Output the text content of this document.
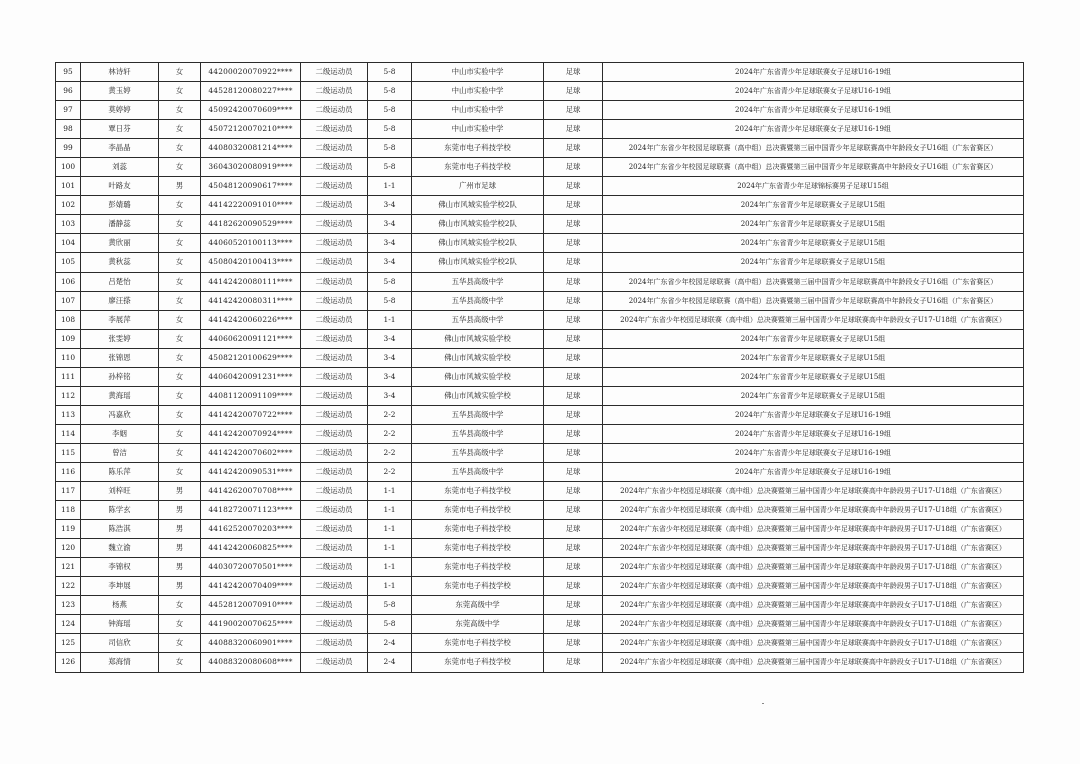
95	林诗轩	女	44200020070922****	二级运动员	5-8	中山市实验中学	足球	2024年广东省青少年足球联赛女子足球U16-19组
96	黄玉婷	女	44528120080227****	二级运动员	5-8	中山市实验中学	足球	2024年广东省青少年足球联赛女子足球U16-19组
97	莫婷婷	女	45092420070609****	二级运动员	5-8	中山市实验中学	足球	2024年广东省青少年足球联赛女子足球U16-19组
98	覃日芬	女	45072120070210****	二级运动员	5-8	中山市实验中学	足球	2024年广东省青少年足球联赛女子足球U16-19组
99	李晶晶	女	44080320081214****	二级运动员	5-8	东莞市电子科技学校	足球	2024年广东省少年校园足球联赛（高中组）总决赛暨第三届中国青少年足球联赛高中年龄段女子U16组（广东省赛区）
100	刘蕊	女	36043020080919****	二级运动员	5-8	东莞市电子科技学校	足球	2024年广东省少年校园足球联赛（高中组）总决赛暨第三届中国青少年足球联赛高中年龄段女子U16组（广东省赛区）
101	叶路友	男	45048120090617****	二级运动员	1-1	广州市足球	足球	2024年广东省青少年足球锦标赛男子足球U15组
102	彭婧璐	女	44142220091010****	二级运动员	3-4	佛山市风城实验学校2队	足球	2024年广东省青少年足球联赛女子足球U15组
103	潘静蕊	女	44182620090529****	二级运动员	3-4	佛山市风城实验学校2队	足球	2024年广东省青少年足球联赛女子足球U15组
104	黄欣丽	女	44060520100113****	二级运动员	3-4	佛山市风城实验学校2队	足球	2024年广东省青少年足球联赛女子足球U15组
105	黄秋蕊	女	45080420100413****	二级运动员	3-4	佛山市风城实验学校2队	足球	2024年广东省青少年足球联赛女子足球U15组
106	吕楚怡	女	44142420080111****	二级运动员	5-8	五华县高级中学	足球	2024年广东省少年校园足球联赛（高中组）总决赛暨第三届中国青少年足球联赛高中年龄段女子U16组（广东省赛区）
107	廖汪搽	女	44142420080311****	二级运动员	5-8	五华县高级中学	足球	2024年广东省少年校园足球联赛（高中组）总决赛暨第三届中国青少年足球联赛高中年龄段女子U16组（广东省赛区）
108	李展萍	女	44142420060226****	二级运动员	1-1	五华县高级中学	足球	2024年广东省少年校园足球联赛（高中组）总决赛暨第三届中国青少年足球联赛高中年龄段女子U17-U18组（广东省赛区）
109	张雯婷	女	44060620091121****	二级运动员	3-4	佛山市风城实验学校	足球	2024年广东省青少年足球联赛女子足球U15组
110	张锦恩	女	45082120100629****	二级运动员	3-4	佛山市风城实验学校	足球	2024年广东省青少年足球联赛女子足球U15组
111	孙梓铭	女	44060420091231****	二级运动员	3-4	佛山市风城实验学校	足球	2024年广东省青少年足球联赛女子足球U15组
112	黄海瑶	女	44081120091109****	二级运动员	3-4	佛山市风城实验学校	足球	2024年广东省青少年足球联赛女子足球U15组
113	冯嘉欣	女	44142420070722****	二级运动员	2-2	五华县高级中学	足球	2024年广东省青少年足球联赛女子足球U16-19组
114	李姻	女	44142420070924****	二级运动员	2-2	五华县高级中学	足球	2024年广东省青少年足球联赛女子足球U16-19组
115	曾洁	女	44142420070602****	二级运动员	2-2	五华县高级中学	足球	2024年广东省青少年足球联赛女子足球U16-19组
116	陈乐萍	女	44142420090531****	二级运动员	2-2	五华县高级中学	足球	2024年广东省青少年足球联赛女子足球U16-19组
117	刘梓旺	男	44142620070708****	二级运动员	1-1	东莞市电子科技学校	足球	2024年广东省少年校园足球联赛（高中组）总决赛暨第三届中国青少年足球联赛高中年龄段男子U17-U18组（广东省赛区）
118	陈学玄	男	44182720071123****	二级运动员	1-1	东莞市电子科技学校	足球	2024年广东省少年校园足球联赛（高中组）总决赛暨第三届中国青少年足球联赛高中年龄段男子U17-U18组（广东省赛区）
119	陈浩淇	男	44162520070203****	二级运动员	1-1	东莞市电子科技学校	足球	2024年广东省少年校园足球联赛（高中组）总决赛暨第三届中国青少年足球联赛高中年龄段男子U17-U18组（广东省赛区）
120	魏立渝	男	44142420060825****	二级运动员	1-1	东莞市电子科技学校	足球	2024年广东省少年校园足球联赛（高中组）总决赛暨第三届中国青少年足球联赛高中年龄段男子U17-U18组（广东省赛区）
121	李锦权	男	44030720070501****	二级运动员	1-1	东莞市电子科技学校	足球	2024年广东省少年校园足球联赛（高中组）总决赛暨第三届中国青少年足球联赛高中年龄段男子U17-U18组（广东省赛区）
122	李坤展	男	44142420070409****	二级运动员	1-1	东莞市电子科技学校	足球	2024年广东省少年校园足球联赛（高中组）总决赛暨第三届中国青少年足球联赛高中年龄段男子U17-U18组（广东省赛区）
123	杨燕	女	44528120070910****	二级运动员	5-8	东莞高级中学	足球	2024年广东省少年校园足球联赛（高中组）总决赛暨第三届中国青少年足球联赛高中年龄段女子U17-U18组（广东省赛区）
124	钟海瑶	女	44190020070625****	二级运动员	5-8	东莞高级中学	足球	2024年广东省少年校园足球联赛（高中组）总决赛暨第三届中国青少年足球联赛高中年龄段女子U17-U18组（广东省赛区）
125	司信欣	女	44088320060901****	二级运动员	2-4	东莞市电子科技学校	足球	2024年广东省少年校园足球联赛（高中组）总决赛暨第三届中国青少年足球联赛高中年龄段女子U17-U18组（广东省赛区）
126	郑海情	女	44088320080608****	二级运动员	2-4	东莞市电子科技学校	足球	2024年广东省少年校园足球联赛（高中组）总决赛暨第三届中国青少年足球联赛高中年龄段女子U17-U18组（广东省赛区）
